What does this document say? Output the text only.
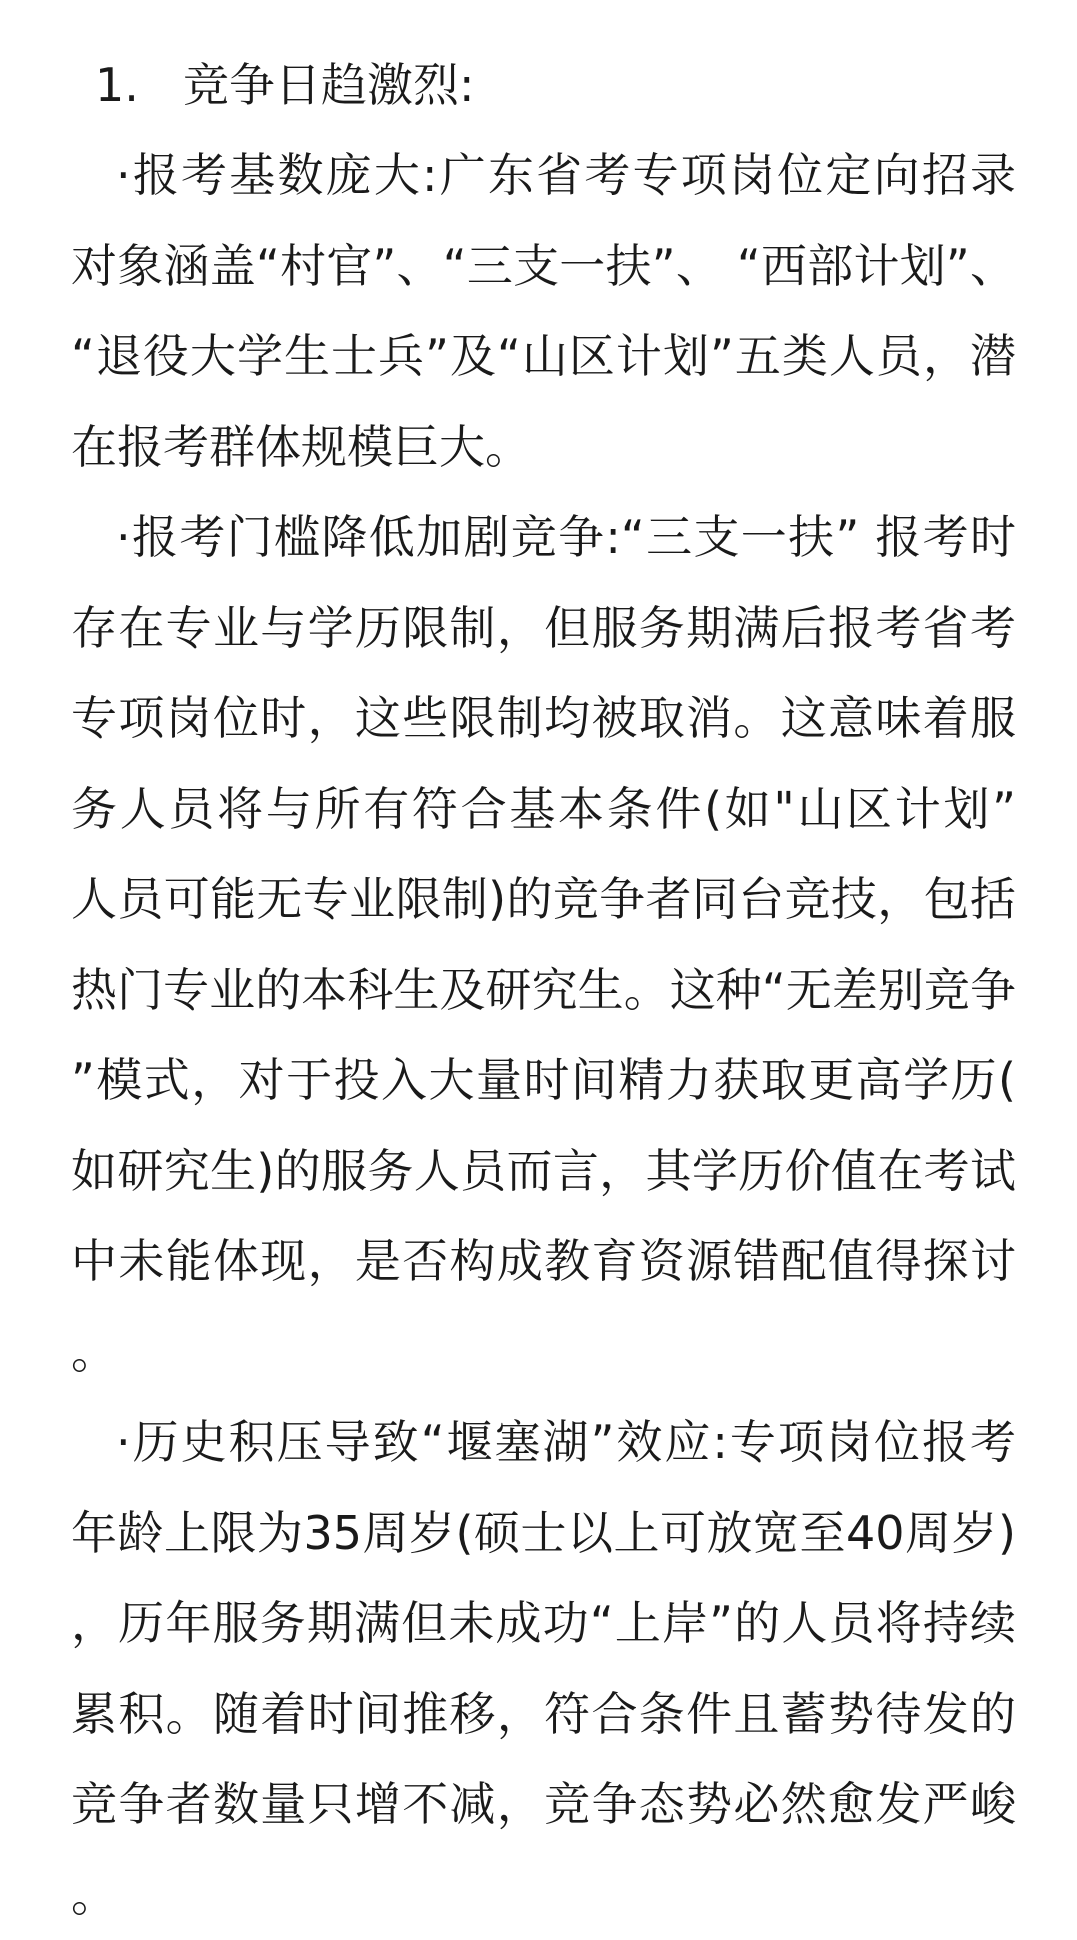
1. 竞争日趋激烈:

·报考基数庞大:广东省考专项岗位定向招录对象涵盖“村官”、“三支一扶”、 “西部计划”、“退役大学生士兵”及“山区计划”五类人员，潜在报考群体规模巨大。

·报考门槛降低加剧竞争:“三支一扶” 报考时存在专业与学历限制，但服务期满后报考省考专项岗位时，这些限制均被取消。这意味着服务人员将与所有符合基本条件(如"山区计划” 人员可能无专业限制)的竞争者同台竞技，包括热门专业的本科生及研究生。这种“无差别竞争”模式，对于投入大量时间精力获取更高学历(如研究生)的服务人员而言，其学历价值在考试中未能体现，是否构成教育资源错配值得探讨。

·历史积压导致“堰塞湖”效应:专项岗位报考年龄上限为35周岁(硕士以上可放宽至40周岁)，历年服务期满但未成功“上岸”的人员将持续累积。随着时间推移，符合条件且蓄势待发的竞争者数量只增不减，竞争态势必然愈发严峻。
